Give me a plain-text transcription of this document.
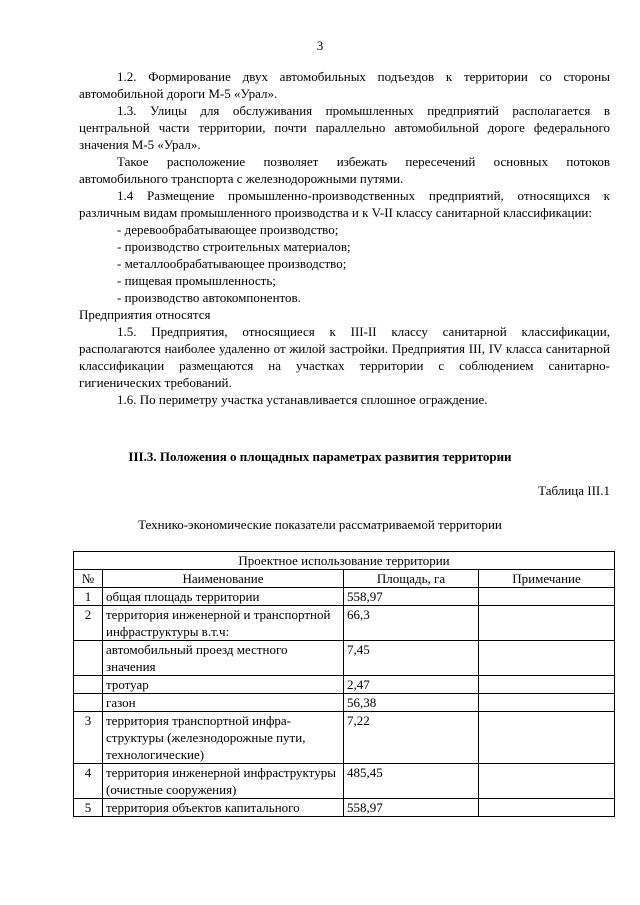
3

1.2. Формирование двух автомобильных подъездов к территории со стороны автомобильной дороги М-5 «Урал».

1.3. Улицы для обслуживания промышленных предприятий располагается в центральной части территории, почти параллельно автомобильной дороге федерального значения М-5 «Урал».

Такое расположение позволяет избежать пересечений основных потоков автомобильного транспорта с железнодорожными путями.

1.4 Размещение промышленно-производственных предприятий, относящихся к различным видам промышленного производства и к V-II классу санитарной классификации:

- деревообрабатывающее производство;

- производство строительных материалов;

- металлообрабатывающее производство;

- пищевая промышленность;

- производство автокомпонентов.

Предприятия относятся

1.5. Предприятия, относящиеся к III-II классу санитарной классификации, располагаются наиболее удаленно от жилой застройки. Предприятия III, IV класса санитарной классификации размещаются на участках территории с соблюдением санитарно-гигиенических требований.

1.6. По периметру участка устанавливается сплошное ограждение.

III.3. Положения о площадных параметрах развития территории
Таблица III.1
Технико-экономические показатели рассматриваемой территории
Проектное использование территории			
№	Наименование	Площадь, га	Примечание
1	общая площадь территории	558,97	
2	территория инженерной и транспортной инфраструктуры в.т.ч:	66,3	
	автомобильный проезд местного значения	7,45	
	тротуар	2,47	
	газон	56,38	
3	территория транспортной инфра-структуры (железнодорожные пути, технологические)	7,22	
4	территория инженерной инфраструктуры (очистные сооружения)	485,45	
5	территория объектов капитального	558,97	
